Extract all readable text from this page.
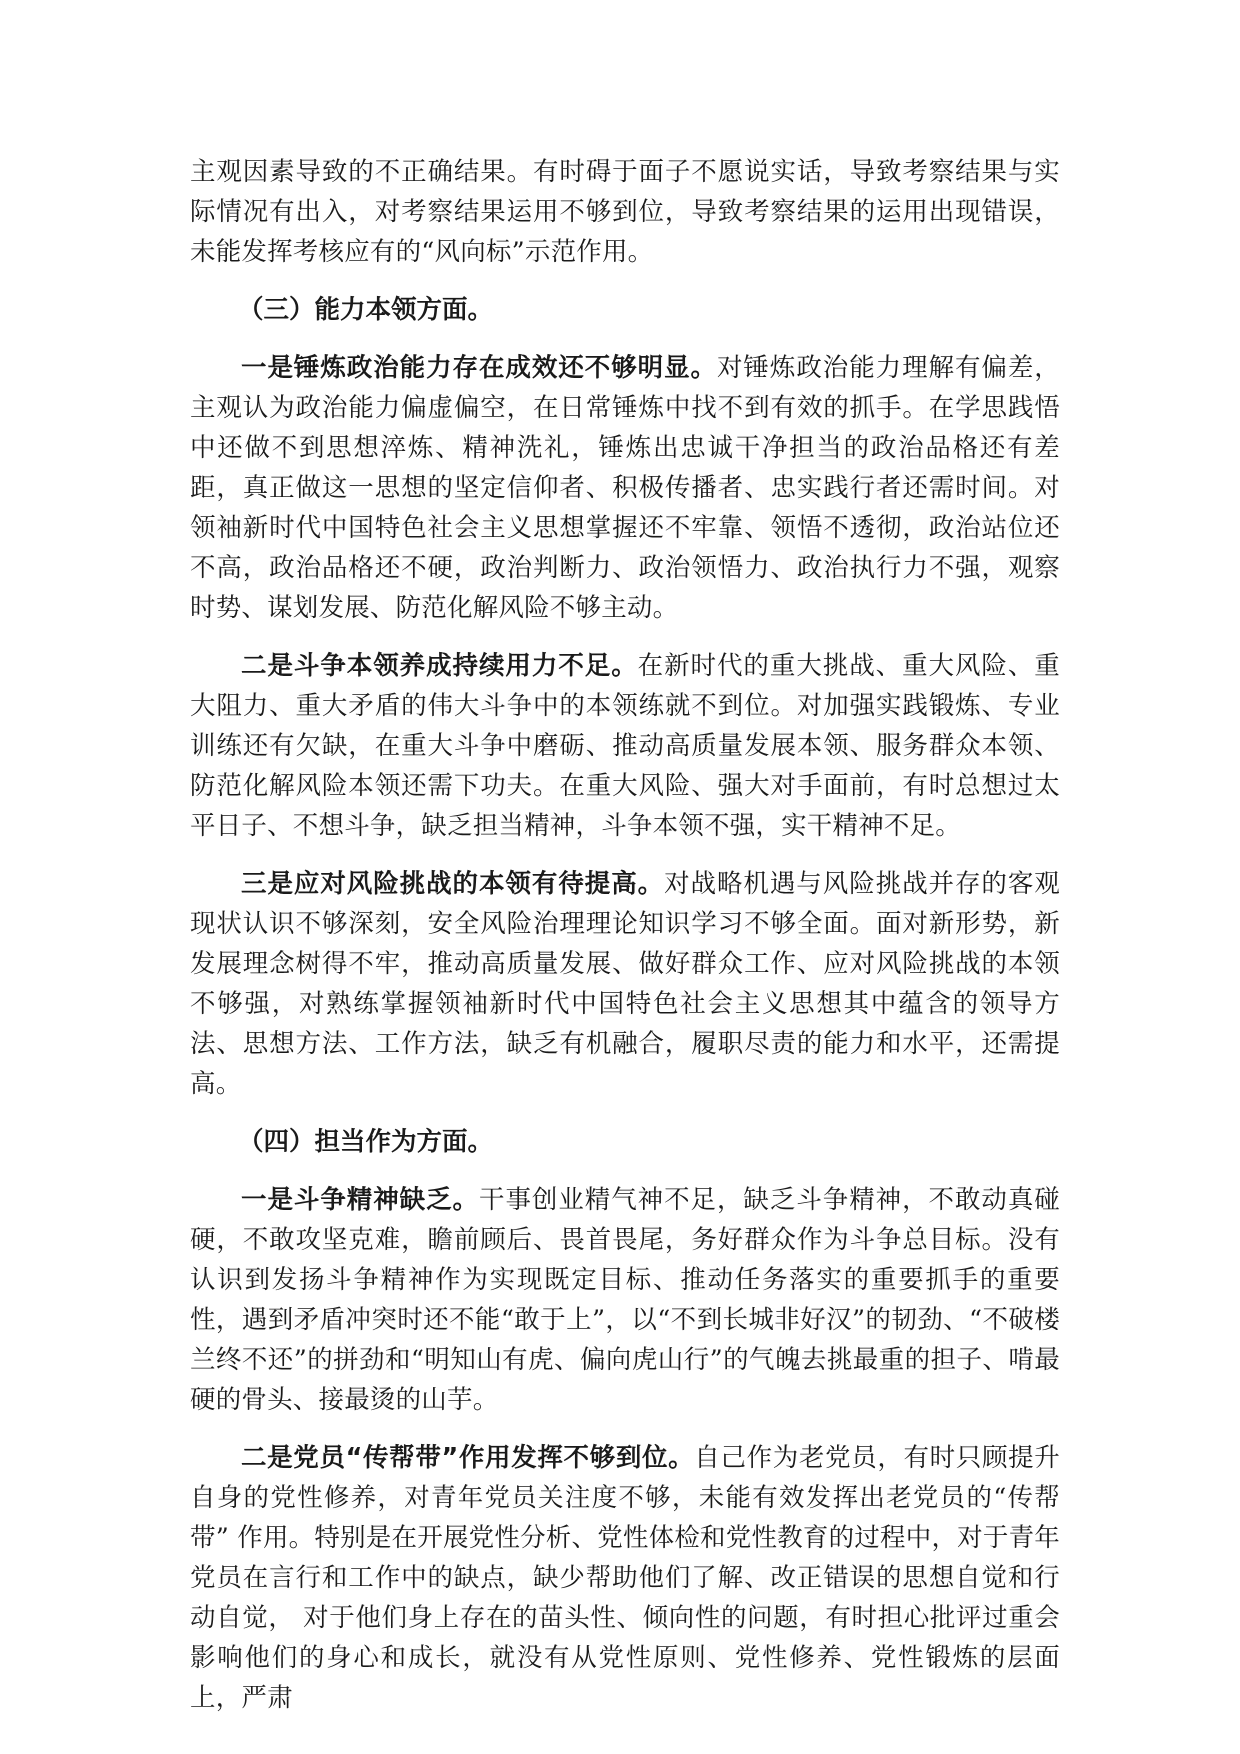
主观因素导致的不正确结果。有时碍于面子不愿说实话，导致考察结果与实际情况有出入，对考察结果运用不够到位，导致考察结果的运用出现错误，未能发挥考核应有的“风向标”示范作用。

（三）能力本领方面。

一是锤炼政治能力存在成效还不够明显。对锤炼政治能力理解有偏差，主观认为政治能力偏虚偏空，在日常锤炼中找不到有效的抓手。在学思践悟中还做不到思想淬炼、精神洗礼，锤炼出忠诚干净担当的政治品格还有差距，真正做这一思想的坚定信仰者、积极传播者、忠实践行者还需时间。对领袖新时代中国特色社会主义思想掌握还不牢靠、领悟不透彻，政治站位还不高，政治品格还不硬，政治判断力、政治领悟力、政治执行力不强，观察时势、谋划发展、防范化解风险不够主动。

二是斗争本领养成持续用力不足。在新时代的重大挑战、重大风险、重大阻力、重大矛盾的伟大斗争中的本领练就不到位。对加强实践锻炼、专业训练还有欠缺，在重大斗争中磨砺、推动高质量发展本领、服务群众本领、防范化解风险本领还需下功夫。在重大风险、强大对手面前，有时总想过太平日子、不想斗争，缺乏担当精神，斗争本领不强，实干精神不足。

三是应对风险挑战的本领有待提高。对战略机遇与风险挑战并存的客观现状认识不够深刻，安全风险治理理论知识学习不够全面。面对新形势，新发展理念树得不牢，推动高质量发展、做好群众工作、应对风险挑战的本领不够强，对熟练掌握领袖新时代中国特色社会主义思想其中蕴含的领导方法、思想方法、工作方法，缺乏有机融合，履职尽责的能力和水平，还需提高。

（四）担当作为方面。

一是斗争精神缺乏。干事创业精气神不足，缺乏斗争精神，不敢动真碰硬，不敢攻坚克难，瞻前顾后、畏首畏尾，务好群众作为斗争总目标。没有认识到发扬斗争精神作为实现既定目标、推动任务落实的重要抓手的重要性，遇到矛盾冲突时还不能“敢于上”，以“不到长城非好汉”的韧劲、“不破楼兰终不还”的拼劲和“明知山有虎、偏向虎山行”的气魄去挑最重的担子、啃最硬的骨头、接最烫的山芋。

二是党员“传帮带”作用发挥不够到位。自己作为老党员，有时只顾提升自身的党性修养，对青年党员关注度不够，未能有效发挥出老党员的“传帮带” 作用。特别是在开展党性分析、党性体检和党性教育的过程中，对于青年党员在言行和工作中的缺点，缺少帮助他们了解、改正错误的思想自觉和行动自觉， 对于他们身上存在的苗头性、倾向性的问题，有时担心批评过重会影响他们的身心和成长，就没有从党性原则、党性修养、党性锻炼的层面上，严肃
